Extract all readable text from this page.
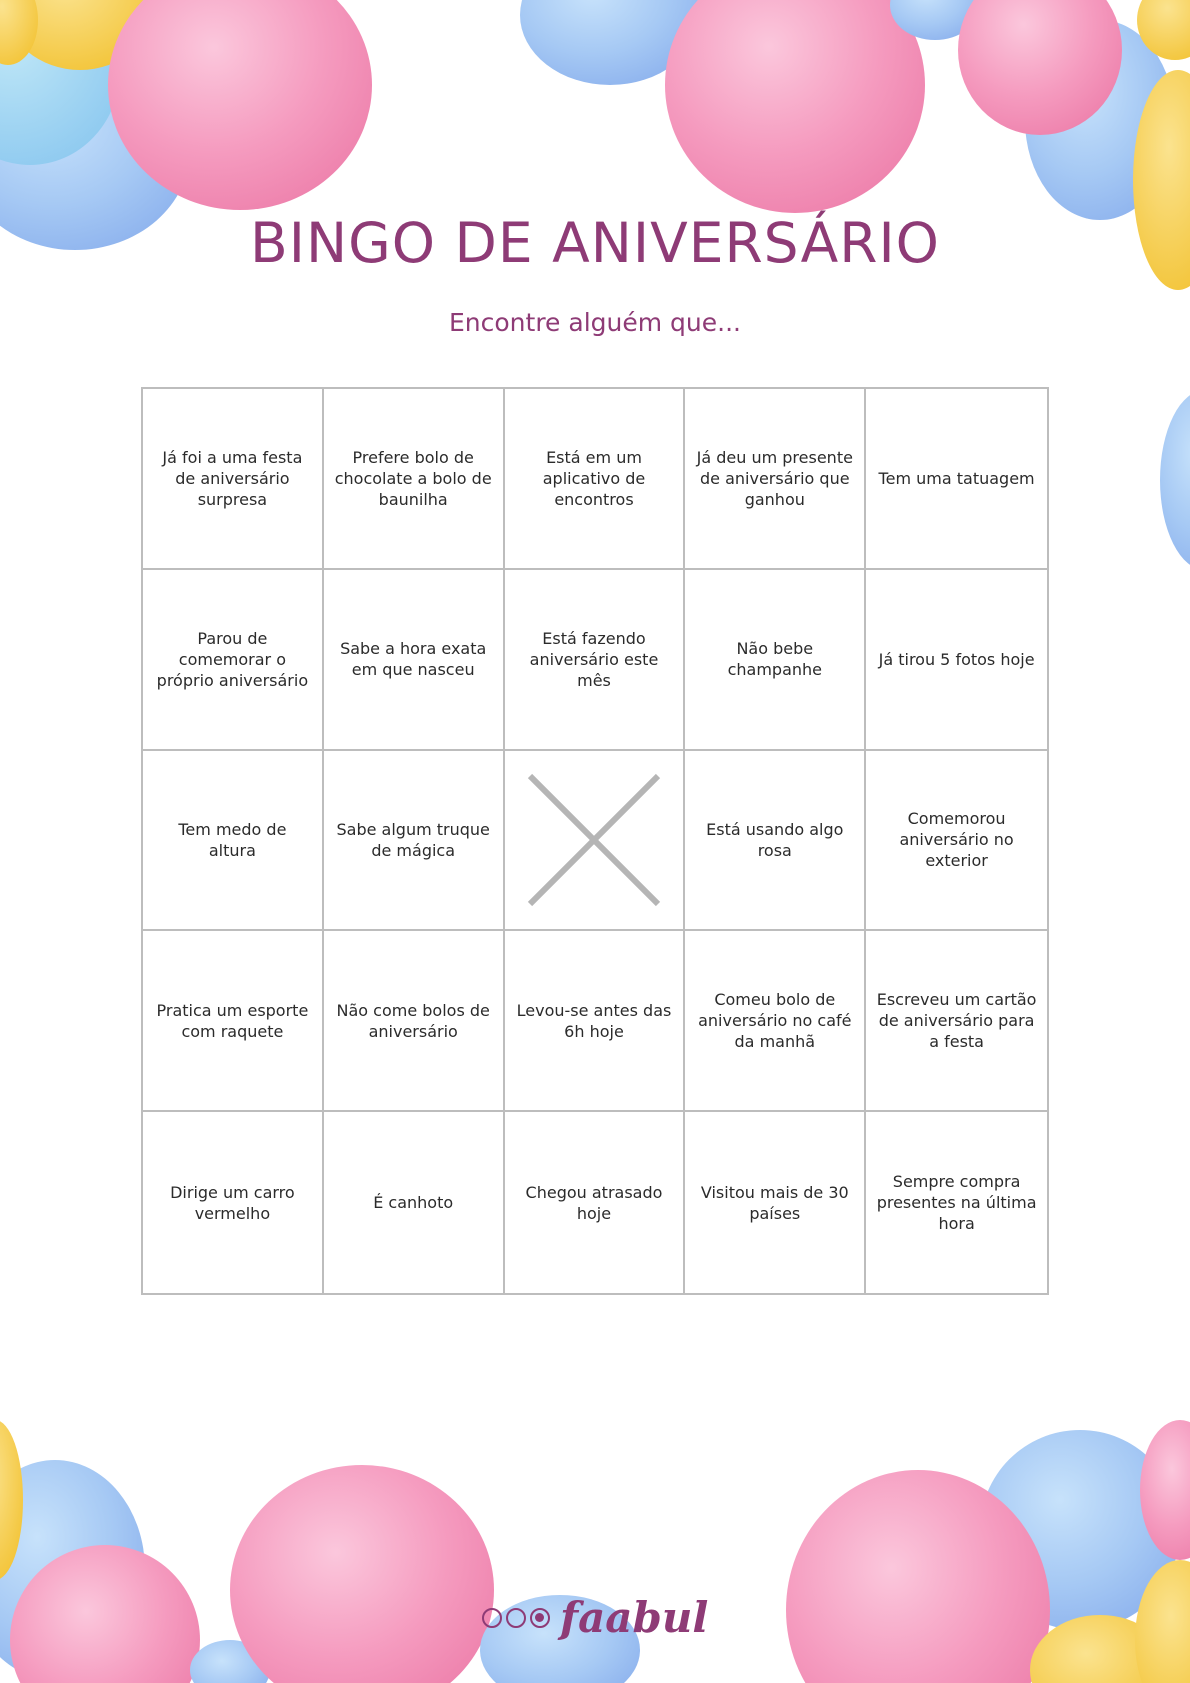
BINGO DE ANIVERSÁRIO
Encontre alguém que...
Já foi a uma festa de aniversário surpresa
Prefere bolo de chocolate a bolo de baunilha
Está em um aplicativo de encontros
Já deu um presente de aniversário que ganhou
Tem uma tatuagem
Parou de comemorar o próprio aniversário
Sabe a hora exata em que nasceu
Está fazendo aniversário este mês
Não bebe champanhe
Já tirou 5 fotos hoje
Tem medo de altura
Sabe algum truque de mágica
Está usando algo rosa
Comemorou aniversário no exterior
Pratica um esporte com raquete
Não come bolos de aniversário
Levou-se antes das 6h hoje
Comeu bolo de aniversário no café da manhã
Escreveu um cartão de aniversário para a festa
Dirige um carro vermelho
É canhoto
Chegou atrasado hoje
Visitou mais de 30 países
Sempre compra presentes na última hora
faabul
